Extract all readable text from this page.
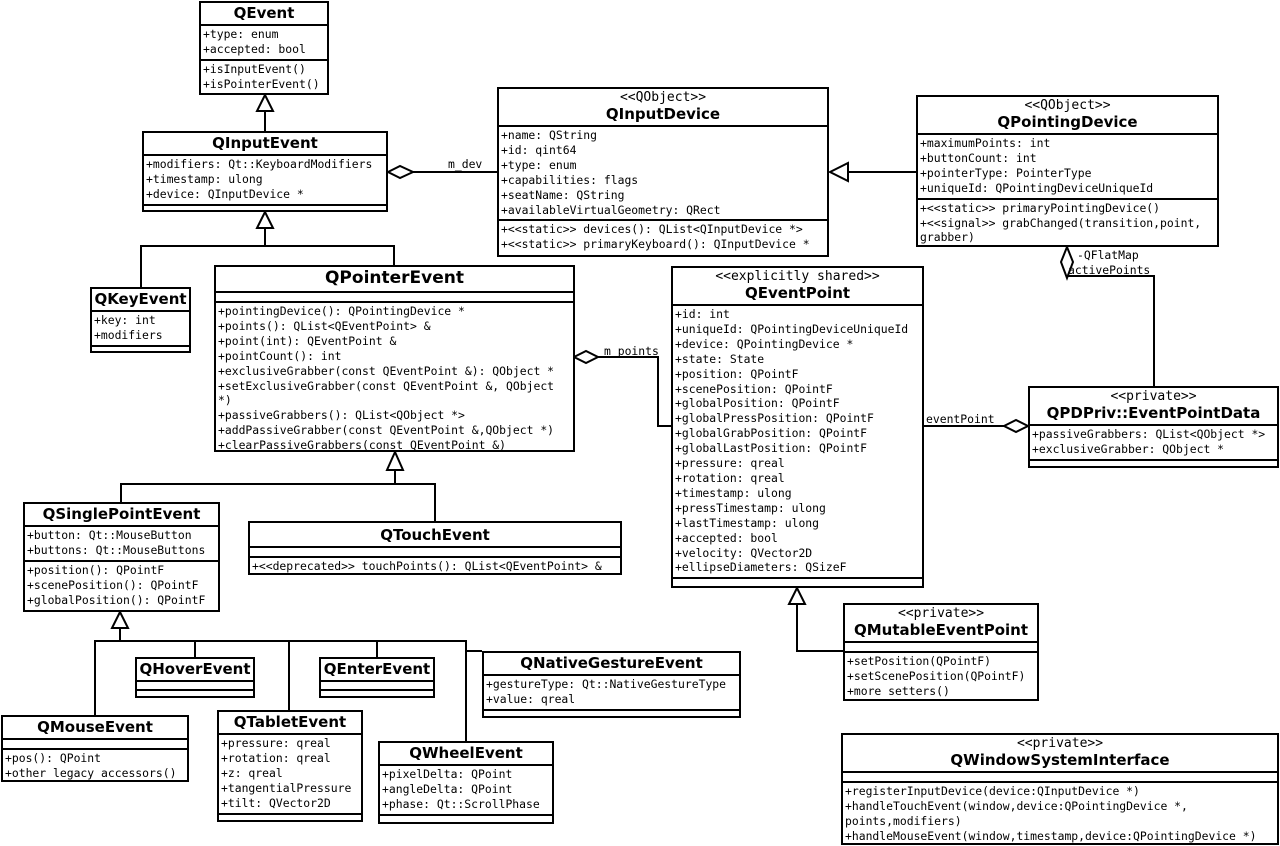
m_dev
m_points
-QFlatMap
activePoints
eventPoint
QEvent
+type: enum
+accepted: bool
+isInputEvent()
+isPointerEvent()
QInputEvent
+modifiers: Qt::KeyboardModifiers
+timestamp: ulong
+device: QInputDevice *
<<QObject>>
QInputDevice
+name: QString
+id: qint64
+type: enum
+capabilities: flags
+seatName: QString
+availableVirtualGeometry: QRect
+<<static>> devices(): QList<QInputDevice *>
+<<static>> primaryKeyboard(): QInputDevice *
<<QObject>>
QPointingDevice
+maximumPoints: int
+buttonCount: int
+pointerType: PointerType
+uniqueId: QPointingDeviceUniqueId
+<<static>> primaryPointingDevice()
+<<signal>> grabChanged(transition,point, grabber)
QKeyEvent
+key: int
+modifiers
QPointerEvent
+pointingDevice(): QPointingDevice *
+points(): QList<QEventPoint> &
+point(int): QEventPoint &
+pointCount(): int
+exclusiveGrabber(const QEventPoint &): QObject *
+setExclusiveGrabber(const QEventPoint &, QObject *)
+passiveGrabbers(): QList<QObject *>
+addPassiveGrabber(const QEventPoint &,QObject *)
+clearPassiveGrabbers(const QEventPoint &)
<<explicitly shared>>
QEventPoint
+id: int
+uniqueId: QPointingDeviceUniqueId
+device: QPointingDevice *
+state: State
+position: QPointF
+scenePosition: QPointF
+globalPosition: QPointF
+globalPressPosition: QPointF
+globalGrabPosition: QPointF
+globalLastPosition: QPointF
+pressure: qreal
+rotation: qreal
+timestamp: ulong
+pressTimestamp: ulong
+lastTimestamp: ulong
+accepted: bool
+velocity: QVector2D
+ellipseDiameters: QSizeF
<<private>>
QPDPriv::EventPointData
+passiveGrabbers: QList<QObject *>
+exclusiveGrabber: QObject *
QSinglePointEvent
+button: Qt::MouseButton
+buttons: Qt::MouseButtons
+position(): QPointF
+scenePosition(): QPointF
+globalPosition(): QPointF
QTouchEvent
+<<deprecated>> touchPoints(): QList<QEventPoint> &
QHoverEvent	QEnterEvent	QNativeGestureEvent
+gestureType: Qt::NativeGestureType
+value: qreal
QMouseEvent
+pos(): QPoint
+other legacy accessors()
QTabletEvent
+pressure: qreal
+rotation: qreal
+z: qreal
+tangentialPressure
+tilt: QVector2D
QWheelEvent
+pixelDelta: QPoint
+angleDelta: QPoint
+phase: Qt::ScrollPhase
<<private>>
QMutableEventPoint
+setPosition(QPointF)
+setScenePosition(QPointF)
+more setters()
<<private>>
QWindowSystemInterface
+registerInputDevice(device:QInputDevice *)
+handleTouchEvent(window,device:QPointingDevice *, points,modifiers)
+handleMouseEvent(window,timestamp,device:QPointingDevice *)
